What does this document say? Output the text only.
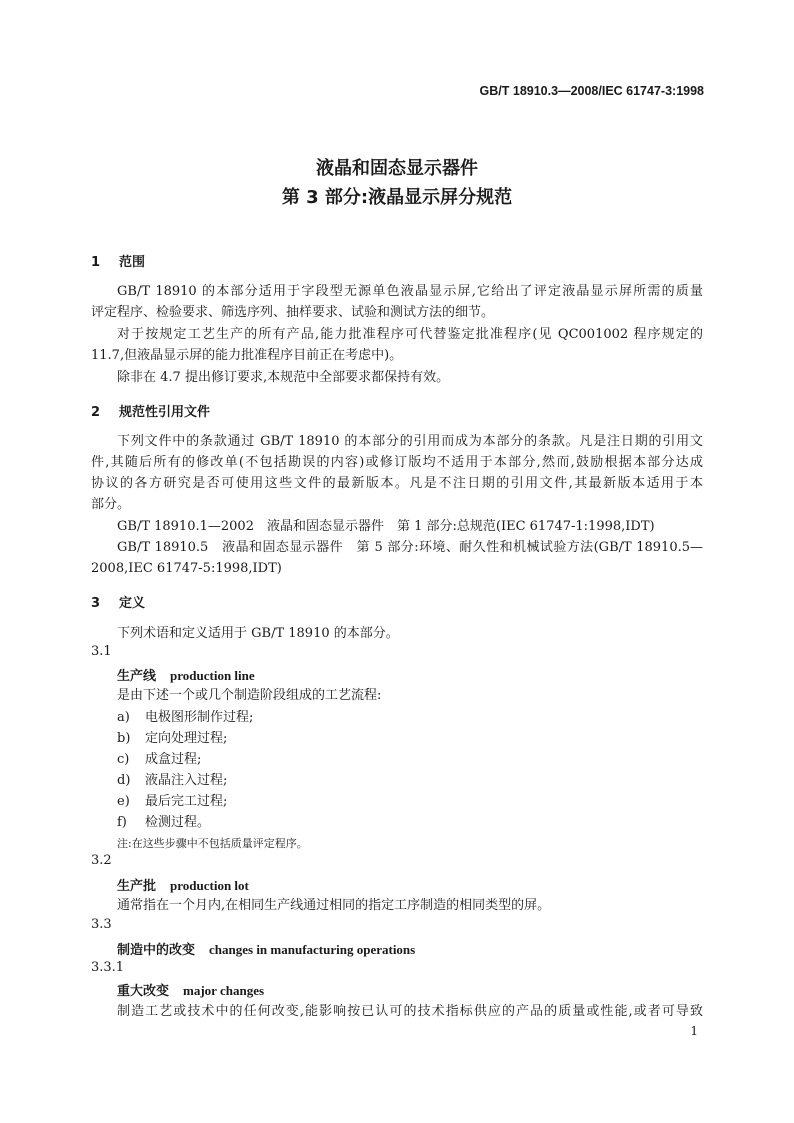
GB/T 18910.3—2008/IEC 61747-3:1998
液晶和固态显示器件
第 3 部分:液晶显示屏分规范
1 范围
GB/T 18910 的本部分适用于字段型无源单色液晶显示屏,它给出了评定液晶显示屏所需的质量
评定程序、检验要求、筛选序列、抽样要求、试验和测试方法的细节。
对于按规定工艺生产的所有产品,能力批准程序可代替鉴定批准程序(见 QC001002 程序规定的
11.7,但液晶显示屏的能力批准程序目前正在考虑中)。
除非在 4.7 提出修订要求,本规范中全部要求都保持有效。
2 规范性引用文件
下列文件中的条款通过 GB/T 18910 的本部分的引用而成为本部分的条款。凡是注日期的引用文
件,其随后所有的修改单(不包括勘误的内容)或修订版均不适用于本部分,然而,鼓励根据本部分达成
协议的各方研究是否可使用这些文件的最新版本。凡是不注日期的引用文件,其最新版本适用于本
部分。
GB/T 18910.1—2002　液晶和固态显示器件　第 1 部分:总规范(IEC 61747-1:1998,IDT)
GB/T 18910.5　液晶和固态显示器件　第 5 部分:环境、耐久性和机械试验方法(GB/T 18910.5—
2008,IEC 61747-5:1998,IDT)
3 定义
下列术语和定义适用于 GB/T 18910 的本部分。
3.1
生产线 production line
是由下述一个或几个制造阶段组成的工艺流程:
a) 电极图形制作过程;
b) 定向处理过程;
c) 成盒过程;
d) 液晶注入过程;
e) 最后完工过程;
f) 检测过程。
注:在这些步骤中不包括质量评定程序。
3.2
生产批 production lot
通常指在一个月内,在相同生产线通过相同的指定工序制造的相同类型的屏。
3.3
制造中的改变 changes in manufacturing operations
3.3.1
重大改变 major changes
制造工艺或技术中的任何改变,能影响按已认可的技术指标供应的产品的质量或性能,或者可导致
1
